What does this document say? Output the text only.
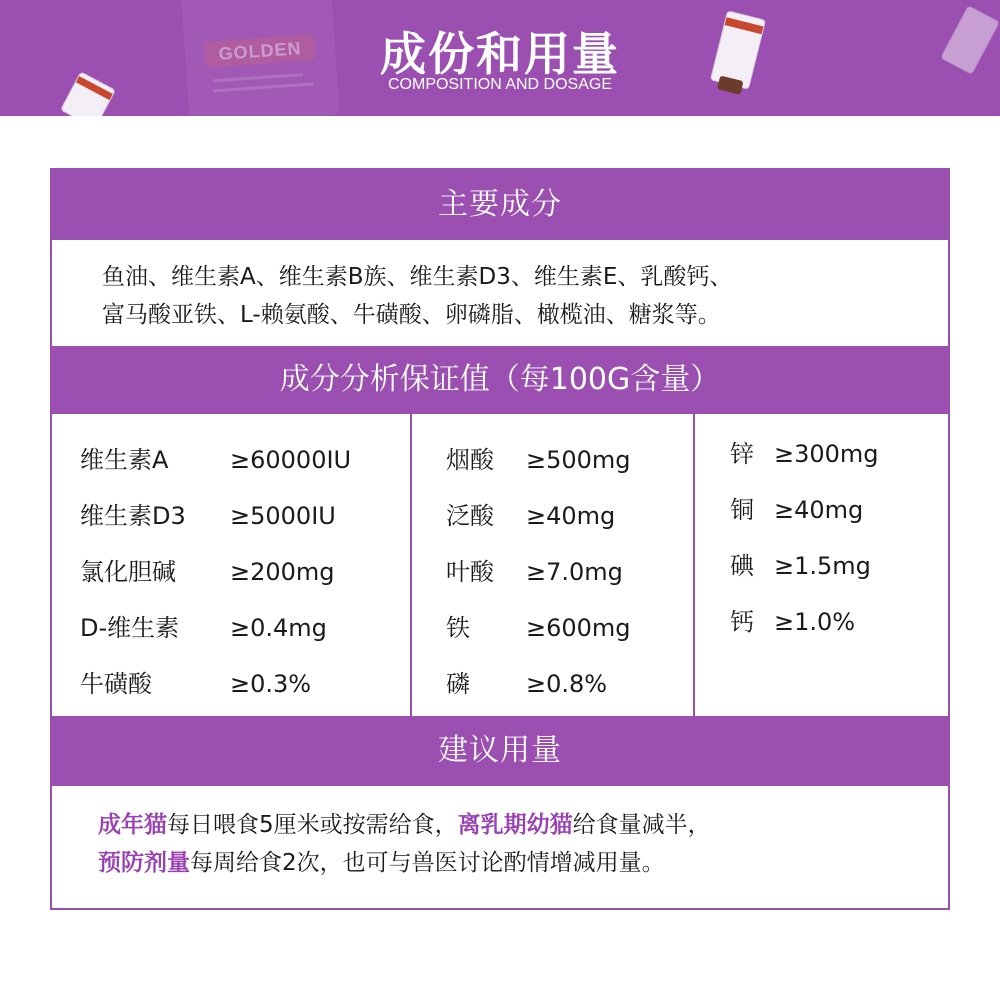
GOLDEN	成份和用量
COMPOSITION AND DOSAGE
主要成分
鱼油、维生素A、维生素B族、维生素D3、维生素E、乳酸钙、
富马酸亚铁、L-赖氨酸、牛磺酸、卵磷脂、橄榄油、糖浆等。
成分分析保证值（每100G含量）
维生素A	≥60000IU
维生素D3 ≥5000IU
氯化胆碱 ≥200mg
D-维生素 ≥0.4mg
牛磺酸	≥0.3%
烟酸 ≥500mg
泛酸 ≥40mg
叶酸 ≥7.0mg
铁 ≥600mg
磷 ≥0.8%
锌 ≥300mg
铜 ≥40mg
碘 ≥1.5mg
钙 ≥1.0%
建议用量
成年猫每日喂食5厘米或按需给食，离乳期幼猫给食量减半，
预防剂量每周给食2次，也可与兽医讨论酌情增减用量。
